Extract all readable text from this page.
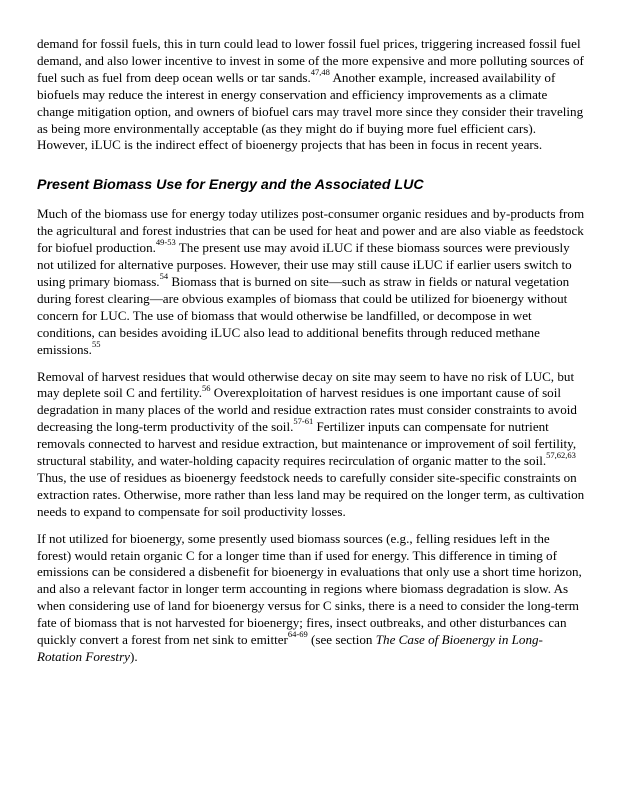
demand for fossil fuels, this in turn could lead to lower fossil fuel prices, triggering increased fossil fuel demand, and also lower incentive to invest in some of the more expensive and more polluting sources of fuel such as fuel from deep ocean wells or tar sands.$^{47,48}$ Another example, increased availability of biofuels may reduce the interest in energy conservation and efficiency improvements as a climate change mitigation option, and owners of biofuel cars may travel more since they consider their traveling as being more environmentally acceptable (as they might do if buying more fuel efficient cars). However, iLUC is the indirect effect of bioenergy projects that has been in focus in recent years.

Present Biomass Use for Energy and the Associated LUC

Much of the biomass use for energy today utilizes post-consumer organic residues and by-products from the agricultural and forest industries that can be used for heat and power and are also viable as feedstock for biofuel production.$^{49-53}$ The present use may avoid iLUC if these biomass sources were previously not utilized for alternative purposes. However, their use may still cause iLUC if earlier users switch to using primary biomass.$^{54}$ Biomass that is burned on site—such as straw in fields or natural vegetation during forest clearing—are obvious examples of biomass that could be utilized for bioenergy without concern for LUC. The use of biomass that would otherwise be landfilled, or decompose in wet conditions, can besides avoiding iLUC also lead to additional benefits through reduced methane emissions.$^{55}$

Removal of harvest residues that would otherwise decay on site may seem to have no risk of LUC, but may deplete soil C and fertility.$^{56}$ Overexploitation of harvest residues is one important cause of soil degradation in many places of the world and residue extraction rates must consider constraints to avoid decreasing the long-term productivity of the soil.$^{57-61}$ Fertilizer inputs can compensate for nutrient removals connected to harvest and residue extraction, but maintenance or improvement of soil fertility, structural stability, and water-holding capacity requires recirculation of organic matter to the soil.$^{57,62,63}$ Thus, the use of residues as bioenergy feedstock needs to carefully consider site-specific constraints on extraction rates. Otherwise, more rather than less land may be required on the longer term, as cultivation needs to expand to compensate for soil productivity losses.

If not utilized for bioenergy, some presently used biomass sources (e.g., felling residues left in the forest) would retain organic C for a longer time than if used for energy. This difference in timing of emissions can be considered a disbenefit for bioenergy in evaluations that only use a short time horizon, and also a relevant factor in longer term accounting in regions where biomass degradation is slow. As when considering use of land for bioenergy versus for C sinks, there is a need to consider the long-term fate of biomass that is not harvested for bioenergy; fires, insect outbreaks, and other disturbances can quickly convert a forest from net sink to emitter$^{64-69}$ (see section The Case of Bioenergy in Long-Rotation Forestry).
